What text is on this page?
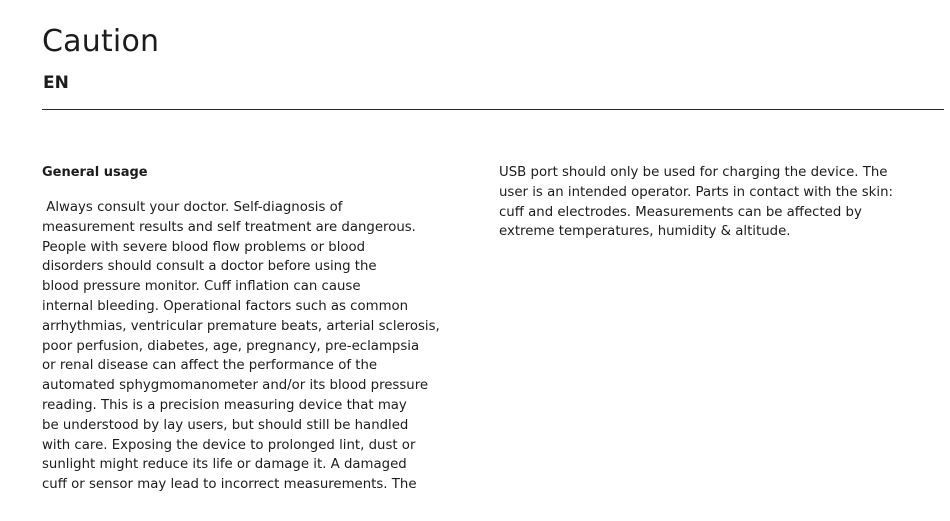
Caution
EN
General usage
Always consult your doctor. Self-diagnosis of
measurement results and self treatment are dangerous.
People with severe blood flow problems or blood
disorders should consult a doctor before using the
blood pressure monitor. Cuff inflation can cause
internal bleeding. Operational factors such as common
arrhythmias, ventricular premature beats, arterial sclerosis,
poor perfusion, diabetes, age, pregnancy, pre-eclampsia
or renal disease can affect the performance of the
automated sphygmomanometer and/or its blood pressure
reading. This is a precision measuring device that may
be understood by lay users, but should still be handled
with care. Exposing the device to prolonged lint, dust or
sunlight might reduce its life or damage it. A damaged
cuff or sensor may lead to incorrect measurements. The
USB port should only be used for charging the device. The
user is an intended operator. Parts in contact with the skin:
cuff and electrodes. Measurements can be affected by
extreme temperatures, humidity & altitude.
